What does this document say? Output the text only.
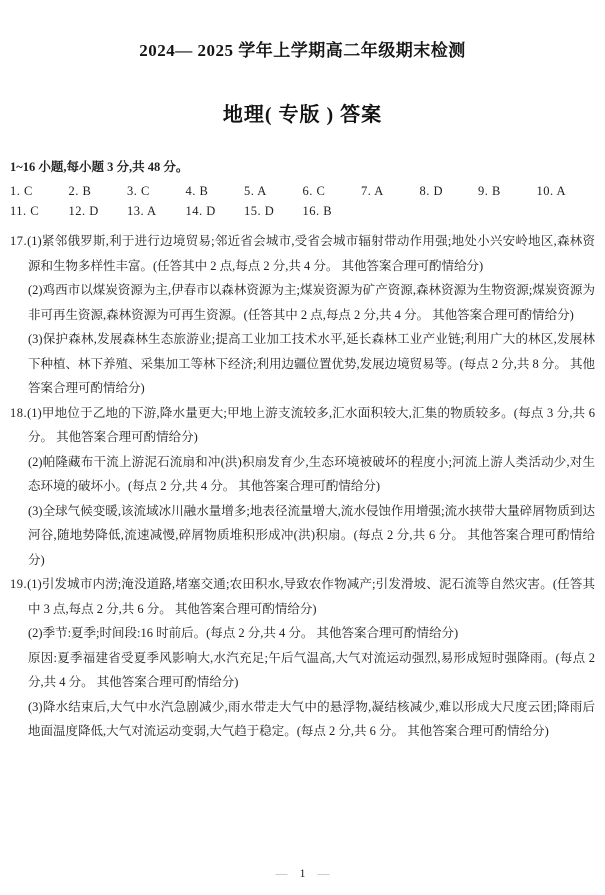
2024— 2025 学年上学期高二年级期末检测
地理( 专版 ) 答案
1~16 小题,每小题 3 分,共 48 分。
1. C	2. B	3. C	4. B	5. A	6. C	7. A	8. D	9. B	10. A
11. C	12. D	13. A	14. D	15. D	16. B

17.(1)紧邻俄罗斯,利于进行边境贸易;邻近省会城市,受省会城市辐射带动作用强;地处小兴安岭地区,森林资源和生物多样性丰富。(任答其中 2 点,每点 2 分,共 4 分。 其他答案合理可酌情给分)

(2)鸡西市以煤炭资源为主,伊春市以森林资源为主;煤炭资源为矿产资源,森林资源为生物资源;煤炭资源为非可再生资源,森林资源为可再生资源。(任答其中 2 点,每点 2 分,共 4 分。 其他答案合理可酌情给分)

(3)保护森林,发展森林生态旅游业;提高工业加工技术水平,延长森林工业产业链;利用广大的林区,发展林下种植、林下养殖、采集加工等林下经济;利用边疆位置优势,发展边境贸易等。(每点 2 分,共 8 分。 其他答案合理可酌情给分)

18.(1)甲地位于乙地的下游,降水量更大;甲地上游支流较多,汇水面积较大,汇集的物质较多。(每点 3 分,共 6 分。 其他答案合理可酌情给分)

(2)帕隆藏布干流上游泥石流扇和冲(洪)积扇发育少,生态环境被破坏的程度小;河流上游人类活动少,对生态环境的破坏小。(每点 2 分,共 4 分。 其他答案合理可酌情给分)

(3)全球气候变暖,该流域冰川融水量增多;地表径流量增大,流水侵蚀作用增强;流水挟带大量碎屑物质到达河谷,随地势降低,流速减慢,碎屑物质堆积形成冲(洪)积扇。(每点 2 分,共 6 分。 其他答案合理可酌情给分)

19.(1)引发城市内涝;淹没道路,堵塞交通;农田积水,导致农作物减产;引发滑坡、泥石流等自然灾害。(任答其中 3 点,每点 2 分,共 6 分。 其他答案合理可酌情给分)

(2)季节:夏季;时间段:16 时前后。(每点 2 分,共 4 分。 其他答案合理可酌情给分)

原因:夏季福建省受夏季风影响大,水汽充足;午后气温高,大气对流运动强烈,易形成短时强降雨。(每点 2 分,共 4 分。 其他答案合理可酌情给分)

(3)降水结束后,大气中水汽急剧减少,雨水带走大气中的悬浮物,凝结核减少,难以形成大尺度云团;降雨后地面温度降低,大气对流运动变弱,大气趋于稳定。(每点 2 分,共 6 分。 其他答案合理可酌情给分)

— 1 —
